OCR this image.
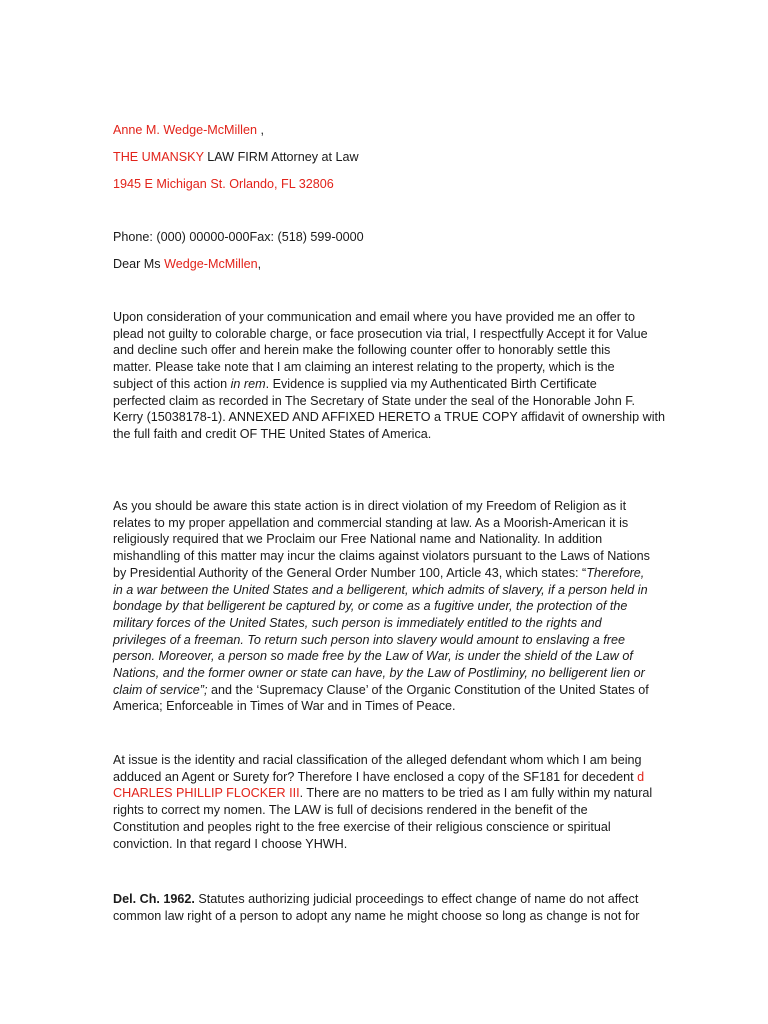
Anne M. Wedge-McMillen ,
THE UMANSKY LAW FIRM Attorney at Law
1945 E Michigan St. Orlando, FL 32806
Phone: (000) 00000-000Fax: (518) 599-0000
Dear Ms Wedge-McMillen,
Upon consideration of your communication and email where you have provided me an offer to
plead not guilty to colorable charge, or face prosecution via trial, I respectfully Accept it for Value
and decline such offer and herein make the following counter offer to honorably settle this
matter. Please take note that I am claiming an interest relating to the property, which is the
subject of this action in rem. Evidence is supplied via my Authenticated Birth Certificate
perfected claim as recorded in The Secretary of State under the seal of the Honorable John F.
Kerry (15038178-1). ANNEXED AND AFFIXED HERETO a TRUE COPY affidavit of ownership with
the full faith and credit OF THE United States of America.
As you should be aware this state action is in direct violation of my Freedom of Religion as it
relates to my proper appellation and commercial standing at law. As a Moorish-American it is
religiously required that we Proclaim our Free National name and Nationality. In addition
mishandling of this matter may incur the claims against violators pursuant to the Laws of Nations
by Presidential Authority of the General Order Number 100, Article 43, which states: “Therefore,
in a war between the United States and a belligerent, which admits of slavery, if a person held in
bondage by that belligerent be captured by, or come as a fugitive under, the protection of the
military forces of the United States, such person is immediately entitled to the rights and
privileges of a freeman. To return such person into slavery would amount to enslaving a free
person. Moreover, a person so made free by the Law of War, is under the shield of the Law of
Nations, and the former owner or state can have, by the Law of Postliminy, no belligerent lien or
claim of service”; and the ‘Supremacy Clause’ of the Organic Constitution of the United States of
America; Enforceable in Times of War and in Times of Peace.
At issue is the identity and racial classification of the alleged defendant whom which I am being
adduced an Agent or Surety for? Therefore I have enclosed a copy of the SF181 for decedent d
CHARLES PHILLIP FLOCKER III. There are no matters to be tried as I am fully within my natural
rights to correct my nomen. The LAW is full of decisions rendered in the benefit of the
Constitution and peoples right to the free exercise of their religious conscience or spiritual
conviction. In that regard I choose YHWH.
Del. Ch. 1962. Statutes authorizing judicial proceedings to effect change of name do not affect
common law right of a person to adopt any name he might choose so long as change is not for
